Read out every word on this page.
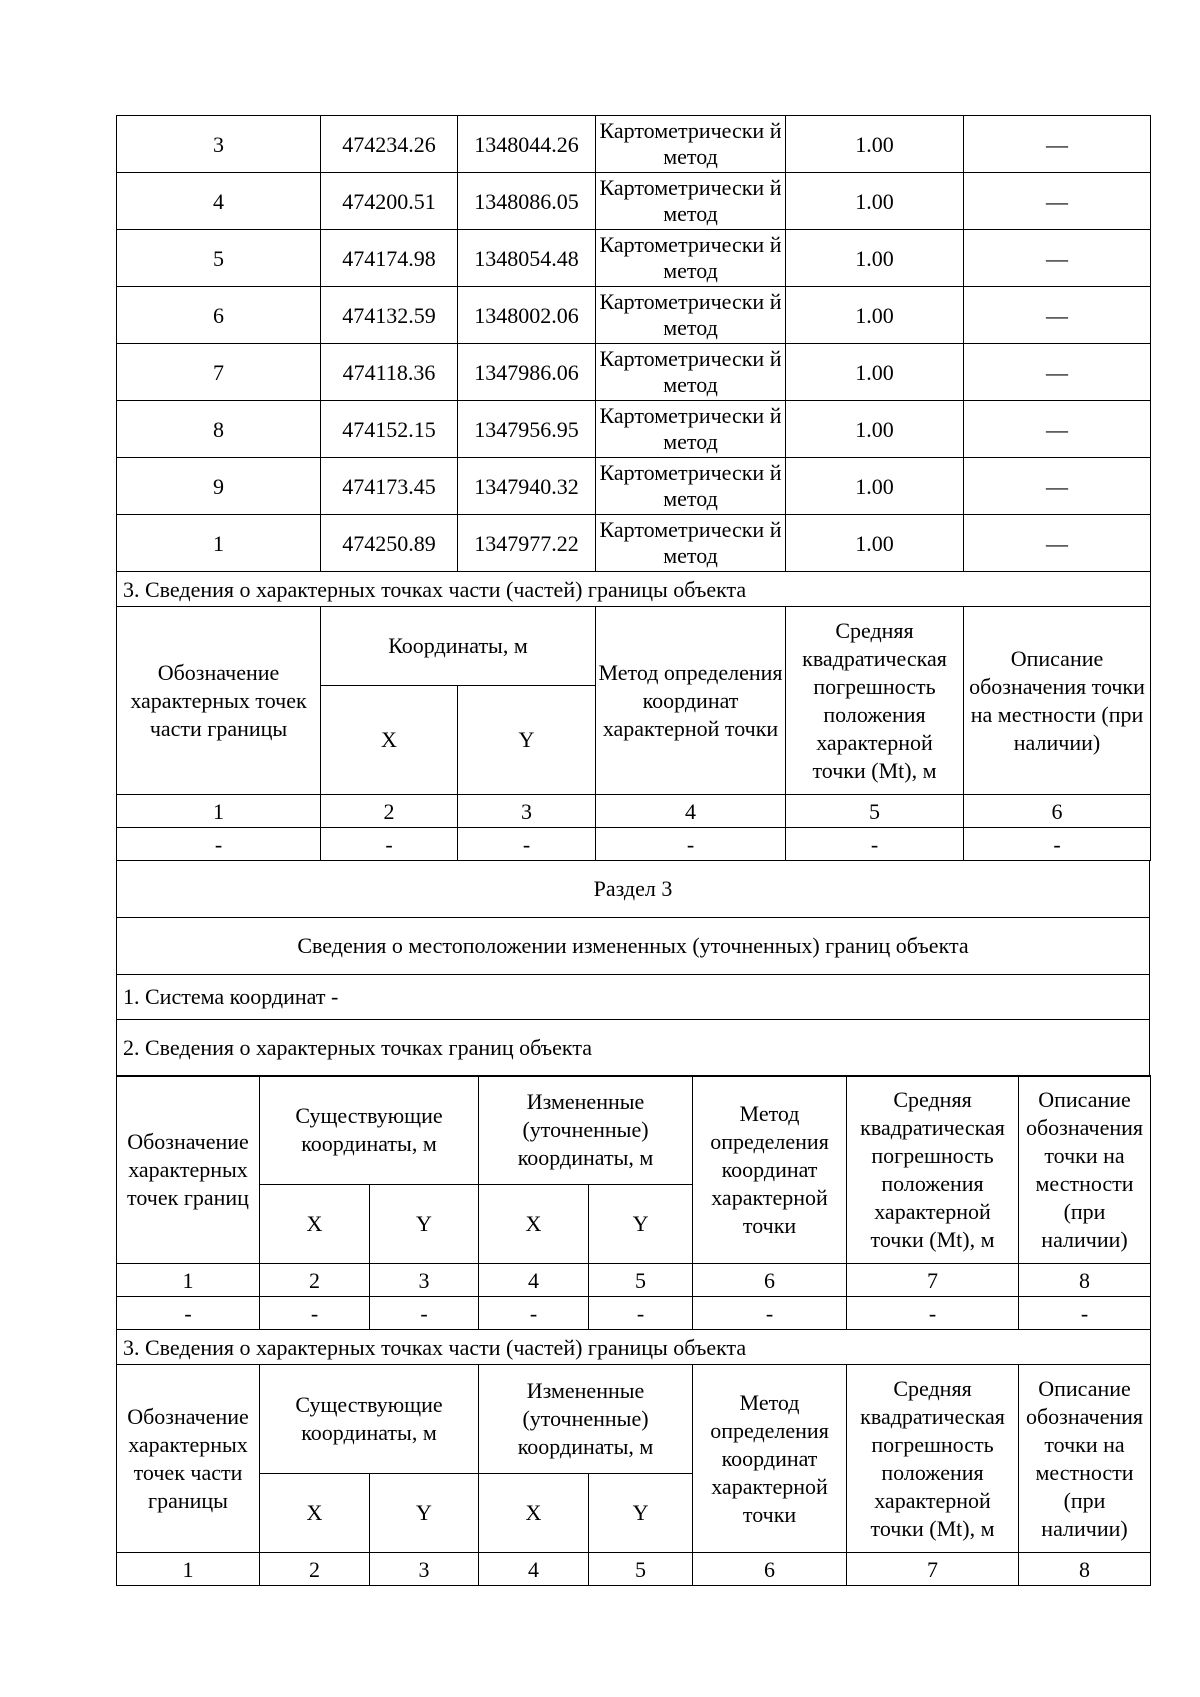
3	474234.26	1348044.26	Картометрически й метод	1.00	—
4	474200.51	1348086.05	Картометрически й метод	1.00	—
5	474174.98	1348054.48	Картометрически й метод	1.00	—
6	474132.59	1348002.06	Картометрически й метод	1.00	—
7	474118.36	1347986.06	Картометрически й метод	1.00	—
8	474152.15	1347956.95	Картометрически й метод	1.00	—
9	474173.45	1347940.32	Картометрически й метод	1.00	—
1	474250.89	1347977.22	Картометрически й метод	1.00	—
3. Сведения о характерных точках части (частей) границы объекта					
Обозначение характерных точек части границы	Координаты, м		Метод определения координат характерной точки	Средняя квадратическая погрешность положения характерной точки (Mt), м	Описание обозначения точки на местности (при наличии)
	X	Y			
1	2	3	4	5	6
-	-	-	-	-	-
Раздел 3
Сведения о местоположении измененных (уточненных) границ объекта
1. Система координат -
2. Сведения о характерных точках границ объекта
Обозначение характерных точек границ	Существующие координаты, м		Измененные (уточненные) координаты, м		Метод определения координат характерной точки	Средняя квадратическая погрешность положения характерной точки (Mt), м	Описание обозначения точки на местности (при наличии)
	X	Y	X	Y			
1	2	3	4	5	6	7	8
-	-	-	-	-	-	-	-
3. Сведения о характерных точках части (частей) границы объекта							
Обозначение характерных точек части границы	Существующие координаты, м		Измененные (уточненные) координаты, м		Метод определения координат характерной точки	Средняя квадратическая погрешность положения характерной точки (Mt), м	Описание обозначения точки на местности (при наличии)
	X	Y	X	Y			
1	2	3	4	5	6	7	8
